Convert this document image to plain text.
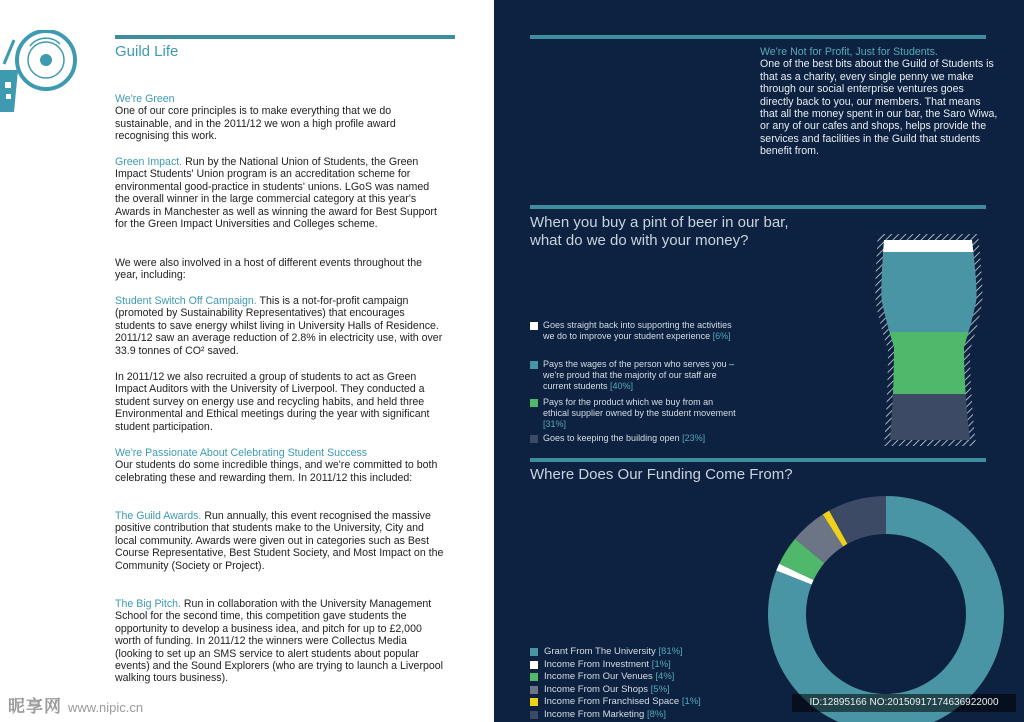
Guild Life

We're Green
One of our core principles is to make everything that we do sustainable, and in the 2011/12 we won a high profile award recognising this work.

Green Impact. Run by the National Union of Students, the Green Impact Students' Union program is an accreditation scheme for environmental good-practice in students' unions. LGoS was named the overall winner in the large commercial category at this year's Awards in Manchester as well as winning the award for Best Support for the Green Impact Universities and Colleges scheme.

We were also involved in a host of different events throughout the year, including:

Student Switch Off Campaign. This is a not-for-profit campaign (promoted by Sustainability Representatives) that encourages students to save energy whilst living in University Halls of Residence. 2011/12 saw an average reduction of 2.8% in electricity use, with over 33.9 tonnes of CO² saved.

In 2011/12 we also recruited a group of students to act as Green Impact Auditors with the University of Liverpool. They conducted a student survey on energy use and recycling habits, and held three Environmental and Ethical meetings during the year with significant student participation.

We're Passionate About Celebrating Student Success
Our students do some incredible things, and we're committed to both celebrating these and rewarding them. In 2011/12 this included:

The Guild Awards. Run annually, this event recognised the massive positive contribution that students make to the University, City and local community. Awards were given out in categories such as Best Course Representative, Best Student Society, and Most Impact on the Community (Society or Project).

The Big Pitch. Run in collaboration with the University Management School for the second time, this competition gave students the opportunity to develop a business idea, and pitch for up to £2,000 worth of funding. In 2011/12 the winners were Collectus Media (looking to set up an SMS service to alert students about popular events) and the Sound Explorers (who are trying to launch a Liverpool walking tours business).

昵享网 www.nipic.cn

We're Not for Profit, Just for Students.
One of the best bits about the Guild of Students is that as a charity, every single penny we make through our social enterprise ventures goes directly back to you, our members. That means that all the money spent in our bar, the Saro Wiwa, or any of our cafes and shops, helps provide the services and facilities in the Guild that students benefit from.

When you buy a pint of beer in our bar,
what do we do with your money?

Goes straight back into supporting the activities we do to improve your student experience [6%]
Pays the wages of the person who serves you – we're proud that the majority of our staff are current students [40%]
Pays for the product which we buy from an ethical supplier owned by the student movement [31%]
Goes to keeping the building open [23%]

Where Does Our Funding Come From?

Grant From The University [81%]
Income From Investment [1%]
Income From Our Venues [4%]
Income From Our Shops [5%]
Income From Franchised Space [1%]
Income From Marketing [8%]
ID:12895166 NO:20150917174636922000
